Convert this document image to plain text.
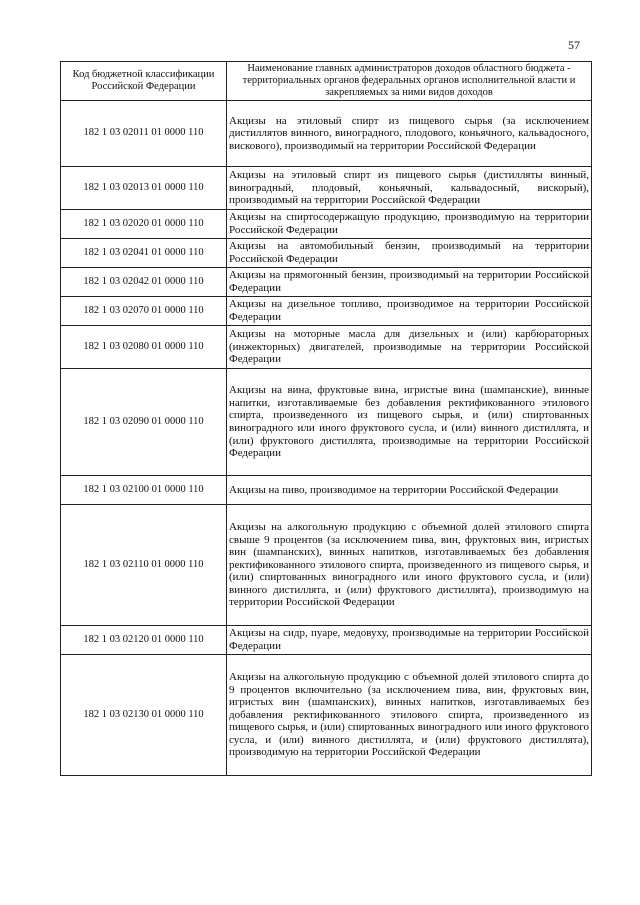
57
Код бюджетной классификации Российской Федерации	Наименование главных администраторов доходов областного бюджета - территориальных органов федеральных органов исполнительной власти и закрепляемых за ними видов доходов
182 1 03 02011 01 0000 110	Акцизы на этиловый спирт из пищевого сырья (за исключением дистиллятов винного, виноградного, плодового, коньячного, кальвадосного, вискового), производимый на территории Российской Федерации
182 1 03 02013 01 0000 110	Акцизы на этиловый спирт из пищевого сырья (дистилляты винный, виноградный, плодовый, коньячный, кальвадосный, вискорый), производимый на территории Российской Федерации
182 1 03 02020 01 0000 110	Акцизы на спиртосодержащую продукцию, производимую на территории Российской Федерации
182 1 03 02041 01 0000 110	Акцизы на автомобильный бензин, производимый на территории Российской Федерации
182 1 03 02042 01 0000 110	Акцизы на прямогонный бензин, производимый на территории Российской Федерации
182 1 03 02070 01 0000 110	Акцизы на дизельное топливо, производимое на территории Российской Федерации
182 1 03 02080 01 0000 110	Акцизы на моторные масла для дизельных и (или) карбюраторных (инжекторных) двигателей, производимые на территории Российской Федерации
182 1 03 02090 01 0000 110	Акцизы на вина, фруктовые вина, игристые вина (шампанские), винные напитки, изготавливаемые без добавления ректификованного этилового спирта, произведенного из пищевого сырья, и (или) спиртованных виноградного или иного фруктового сусла, и (или) винного дистиллята, и (или) фруктового дистиллята, производимые на территории Российской Федерации
182 1 03 02100 01 0000 110	Акцизы на пиво, производимое на территории Российской Федерации
182 1 03 02110 01 0000 110	Акцизы на алкогольную продукцию с объемной долей этилового спирта свыше 9 процентов (за исключением пива, вин, фруктовых вин, игристых вин (шампанских), винных напитков, изготавливаемых без добавления ректификованного этилового спирта, произведенного из пищевого сырья, и (или) спиртованных виноградного или иного фруктового сусла, и (или) винного дистиллята, и (или) фруктового дистиллята), производимую на территории Российской Федерации
182 1 03 02120 01 0000 110	Акцизы на сидр, пуаре, медовуху, производимые на территории Российской Федерации
182 1 03 02130 01 0000 110	Акцизы на алкогольную продукцию с объемной долей этилового спирта до 9 процентов включительно (за исключением пива, вин, фруктовых вин, игристых вин (шампанских), винных напитков, изготавливаемых без добавления ректификованного этилового спирта, произведенного из пищевого сырья, и (или) спиртованных виноградного или иного фруктового сусла, и (или) винного дистиллята, и (или) фруктового дистиллята), производимую на территории Российской Федерации
